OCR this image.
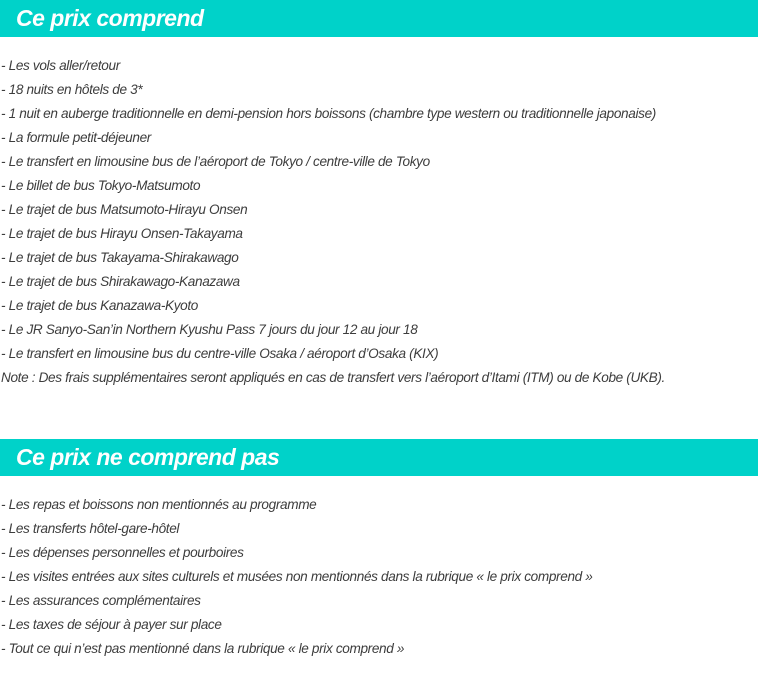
Ce prix comprend
- Les vols aller/retour
- 18 nuits en hôtels de 3*
- 1 nuit en auberge traditionnelle en demi-pension hors boissons (chambre type western ou traditionnelle japonaise)
- La formule petit-déjeuner
- Le transfert en limousine bus de l’aéroport de Tokyo / centre-ville de Tokyo
- Le billet de bus Tokyo-Matsumoto
- Le trajet de bus Matsumoto-Hirayu Onsen
- Le trajet de bus Hirayu Onsen-Takayama
- Le trajet de bus Takayama-Shirakawago
- Le trajet de bus Shirakawago-Kanazawa
- Le trajet de bus Kanazawa-Kyoto
- Le JR Sanyo-San’in Northern Kyushu Pass 7 jours du jour 12 au jour 18
- Le transfert en limousine bus du centre-ville Osaka / aéroport d’Osaka (KIX)
Note : Des frais supplémentaires seront appliqués en cas de transfert vers l’aéroport d’Itami (ITM) ou de Kobe (UKB).
Ce prix ne comprend pas
- Les repas et boissons non mentionnés au programme
- Les transferts hôtel-gare-hôtel
- Les dépenses personnelles et pourboires
- Les visites entrées aux sites culturels et musées non mentionnés dans la rubrique « le prix comprend »
- Les assurances complémentaires
- Les taxes de séjour à payer sur place
- Tout ce qui n’est pas mentionné dans la rubrique « le prix comprend »
